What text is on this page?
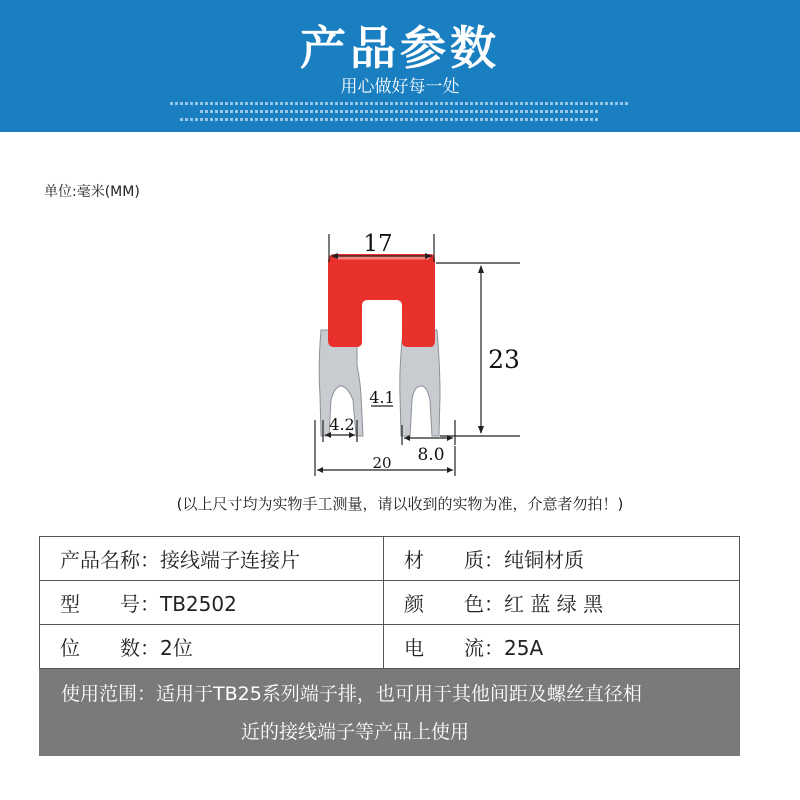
产品参数
用心做好每一处
单位:毫米(MM)
17
23
4.1
4.2
8.0
20
(以上尺寸均为实物手工测量，请以收到的实物为准，介意者勿拍！)
产品名称：接线端子连接片	材　　质：纯铜材质
型　　号：TB2502	颜　　色：红 蓝 绿 黑
位　　数：2位	电　　流：25A
使用范围：适用于TB25系列端子排，也可用于其他间距及螺丝直径相
近的接线端子等产品上使用
